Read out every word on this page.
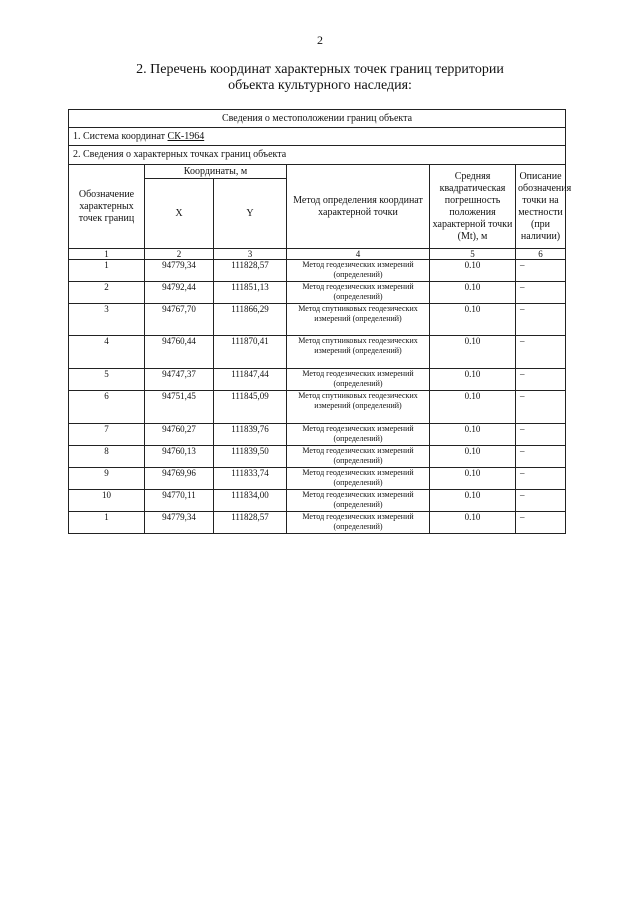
2
2. Перечень координат характерных точек границ территории
объекта культурного наследия:
Сведения о местоположении границ объекта					
1. Система координат СК-1964					
2. Сведения о характерных точках границ объекта					
Обозначение характерных точек границ	Координаты, м		Метод определения координат характерной точки	Средняя квадратическая погрешность положения характерной точки (Mt), м	Описание обозначения точки на местности (при наличии)
	X	Y			
1	2	3	4	5	6
1	94779,34	111828,57	Метод геодезических измерений (определений)	0.10	–
2	94792,44	111851,13	Метод геодезических измерений (определений)	0.10	–
3	94767,70	111866,29	Метод спутниковых геодезических измерений (определений)	0.10	–
4	94760,44	111870,41	Метод спутниковых геодезических измерений (определений)	0.10	–
5	94747,37	111847,44	Метод геодезических измерений (определений)	0.10	–
6	94751,45	111845,09	Метод спутниковых геодезических измерений (определений)	0.10	–
7	94760,27	111839,76	Метод геодезических измерений (определений)	0.10	–
8	94760,13	111839,50	Метод геодезических измерений (определений)	0.10	–
9	94769,96	111833,74	Метод геодезических измерений (определений)	0.10	–
10	94770,11	111834,00	Метод геодезических измерений (определений)	0.10	–
1	94779,34	111828,57	Метод геодезических измерений (определений)	0.10	–
